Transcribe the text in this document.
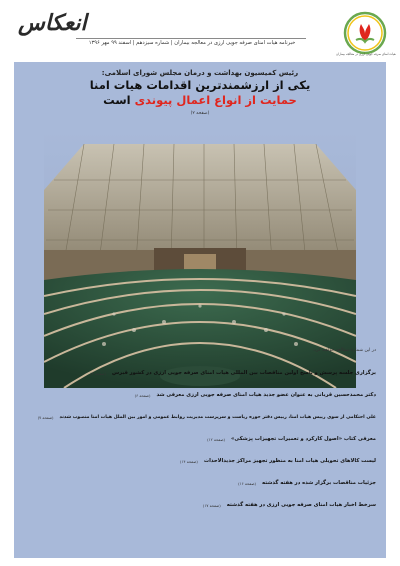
انعکاس
خبرنامه هیات امنای صرفه جویی ارزی در معالجه بیماران | شماره سیزدهم | اسفند ۹۹ مهر ۱۳۹۶
هیات امنای صرفه جویی ارزی در معالجه بیماران
رئیس کمیسیون بهداشت و درمان مجلس شورای اسلامی:
یکی از ارزشمندترین اقدامات هیات امنا
حمایت از انواع اعمال پیوندی است
(صفحه ۲)
در این شماره مطالعه خواهید کرد:
برگزاری جلسه پرسش و پاسخ اولین مناقصات بین المللی هیات امنای صرفه جویی ارزی در کشور قبرس
(صفحه ۳)
دکتر محمدحسین قربانی به عنوان عضو جدید هیات امنای صرفه جویی ارزی معرفی شد
(صفحه ۶)
علی احتکامی از سوی رییس هیات امنا، رییس دفتر حوزه ریاست و سرپرست مدیریت روابط عمومی و امور بین الملل هیات امنا منصوب شدند
(صفحه ۷)
معرفی کتاب «اصول کارکرد و تعمیرات تجهیزات پزشکی»
(صفحه ۱۲)
لیست کالاهای تحویلی هیات امنا به منظور تجهیز مراکز جدیدالاحداث
(صفحه ۱۴)
جزئیات مناقصات برگزار شده در هفته گذشته
(صفحه ۱۶)
سرخط اخبار هیات امنای صرفه جویی ارزی در هفته گذشته
(صفحه ۱۷)
